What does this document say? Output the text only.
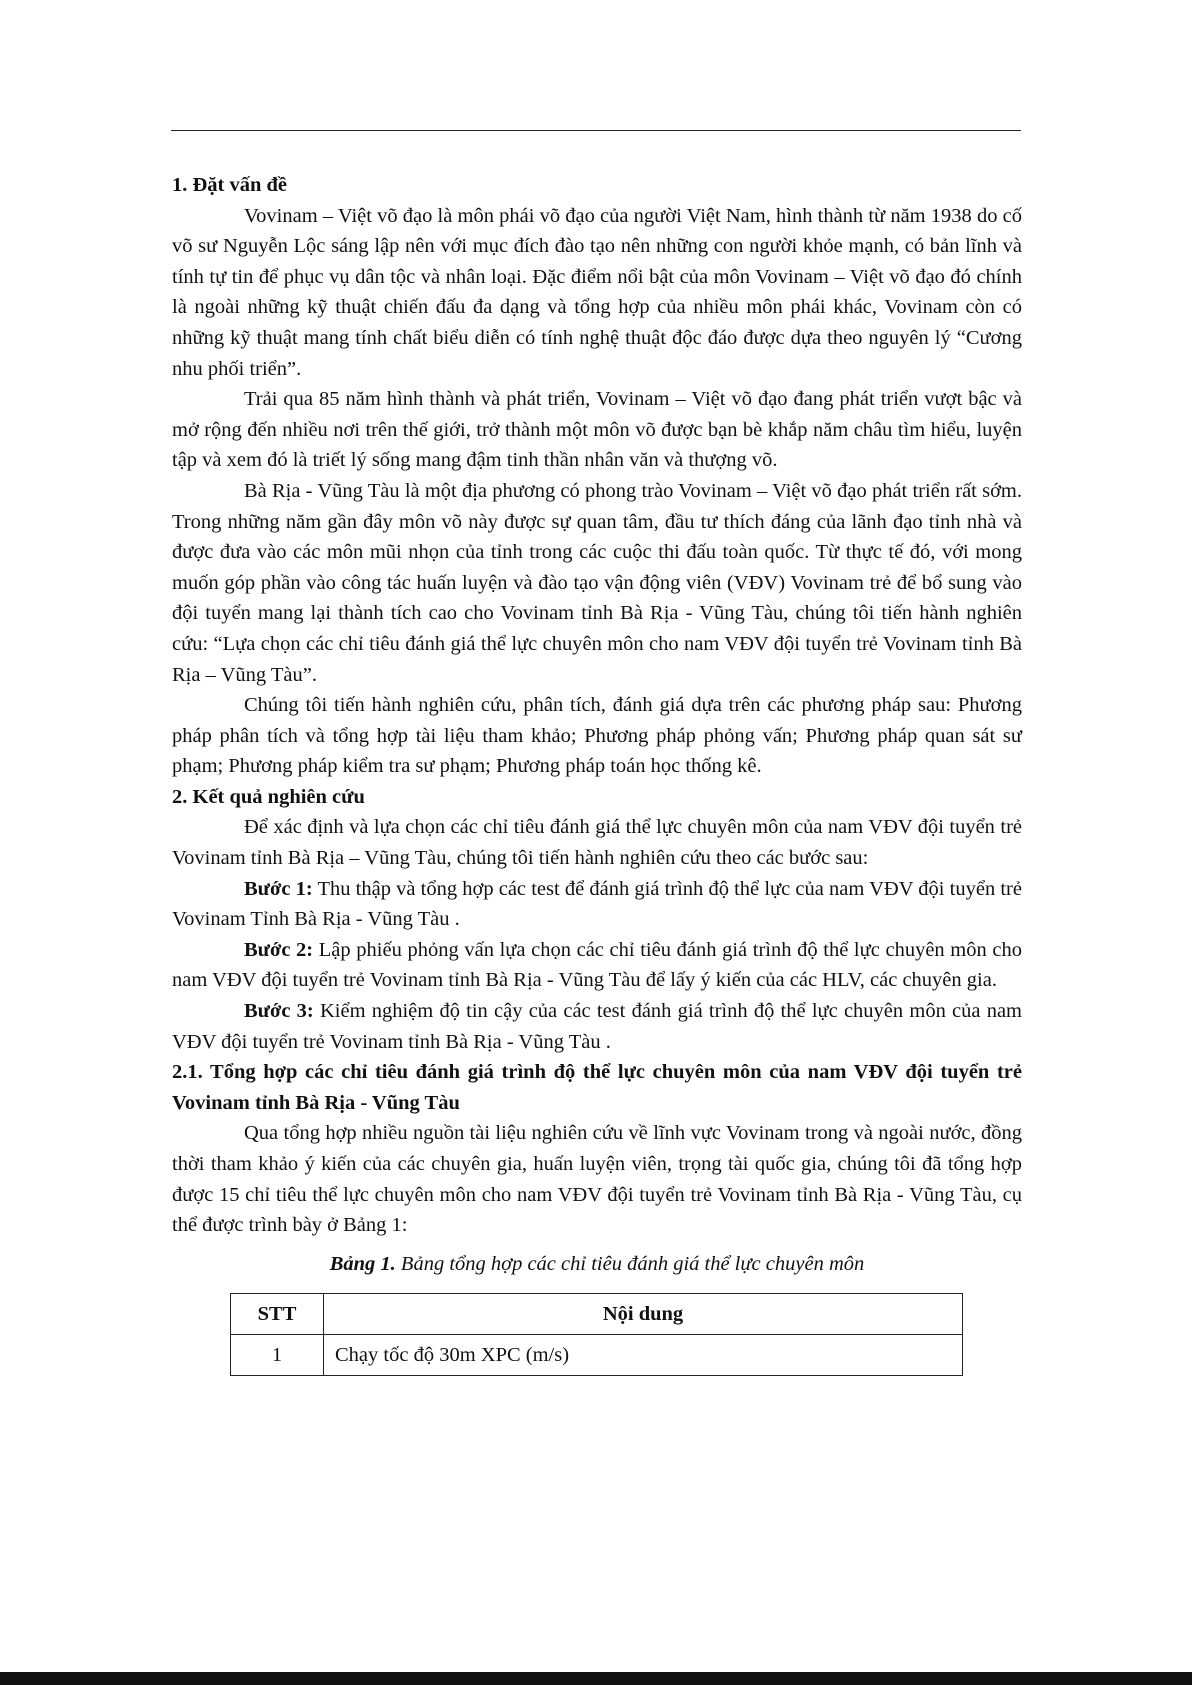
1. Đặt vấn đề

Vovinam – Việt võ đạo là môn phái võ đạo của người Việt Nam, hình thành từ năm 1938 do cố võ sư Nguyễn Lộc sáng lập nên với mục đích đào tạo nên những con người khỏe mạnh, có bản lĩnh và tính tự tin để phục vụ dân tộc và nhân loại. Đặc điểm nổi bật của môn Vovinam – Việt võ đạo đó chính là ngoài những kỹ thuật chiến đấu đa dạng và tổng hợp của nhiều môn phái khác, Vovinam còn có những kỹ thuật mang tính chất biểu diễn có tính nghệ thuật độc đáo được dựa theo nguyên lý “Cương nhu phối triển”.

Trải qua 85 năm hình thành và phát triển, Vovinam – Việt võ đạo đang phát triển vượt bậc và mở rộng đến nhiều nơi trên thế giới, trở thành một môn võ được bạn bè khắp năm châu tìm hiểu, luyện tập và xem đó là triết lý sống mang đậm tinh thần nhân văn và thượng võ.

Bà Rịa - Vũng Tàu là một địa phương có phong trào Vovinam – Việt võ đạo phát triển rất sớm. Trong những năm gần đây môn võ này được sự quan tâm, đầu tư thích đáng của lãnh đạo tỉnh nhà và được đưa vào các môn mũi nhọn của tỉnh trong các cuộc thi đấu toàn quốc. Từ thực tế đó, với mong muốn góp phần vào công tác huấn luyện và đào tạo vận động viên (VĐV) Vovinam trẻ để bổ sung vào đội tuyển mang lại thành tích cao cho Vovinam tỉnh Bà Rịa - Vũng Tàu, chúng tôi tiến hành nghiên cứu: “Lựa chọn các chỉ tiêu đánh giá thể lực chuyên môn cho nam VĐV đội tuyển trẻ Vovinam tỉnh Bà Rịa – Vũng Tàu”.

Chúng tôi tiến hành nghiên cứu, phân tích, đánh giá dựa trên các phương pháp sau: Phương pháp phân tích và tổng hợp tài liệu tham khảo; Phương pháp phỏng vấn; Phương pháp quan sát sư phạm; Phương pháp kiểm tra sư phạm; Phương pháp toán học thống kê.

2. Kết quả nghiên cứu

Để xác định và lựa chọn các chỉ tiêu đánh giá thể lực chuyên môn của nam VĐV đội tuyển trẻ Vovinam tỉnh Bà Rịa – Vũng Tàu, chúng tôi tiến hành nghiên cứu theo các bước sau:

Bước 1: Thu thập và tổng hợp các test để đánh giá trình độ thể lực của nam VĐV đội tuyển trẻ Vovinam Tỉnh Bà Rịa - Vũng Tàu .

Bước 2: Lập phiếu phỏng vấn lựa chọn các chỉ tiêu đánh giá trình độ thể lực chuyên môn cho nam VĐV đội tuyển trẻ Vovinam tỉnh Bà Rịa - Vũng Tàu để lấy ý kiến của các HLV, các chuyên gia.

Bước 3: Kiểm nghiệm độ tin cậy của các test đánh giá trình độ thể lực chuyên môn của nam VĐV đội tuyển trẻ Vovinam tỉnh Bà Rịa - Vũng Tàu .

2.1. Tổng hợp các chỉ tiêu đánh giá trình độ thể lực chuyên môn của nam VĐV đội tuyển trẻ Vovinam tỉnh Bà Rịa - Vũng Tàu

Qua tổng hợp nhiều nguồn tài liệu nghiên cứu về lĩnh vực Vovinam trong và ngoài nước, đồng thời tham khảo ý kiến của các chuyên gia, huấn luyện viên, trọng tài quốc gia, chúng tôi đã tổng hợp được 15 chỉ tiêu thể lực chuyên môn cho nam VĐV đội tuyển trẻ Vovinam tỉnh Bà Rịa - Vũng Tàu, cụ thể được trình bày ở Bảng 1:

Bảng 1. Bảng tổng hợp các chỉ tiêu đánh giá thể lực chuyên môn

STT	Nội dung
1	Chạy tốc độ 30m XPC (m/s)
